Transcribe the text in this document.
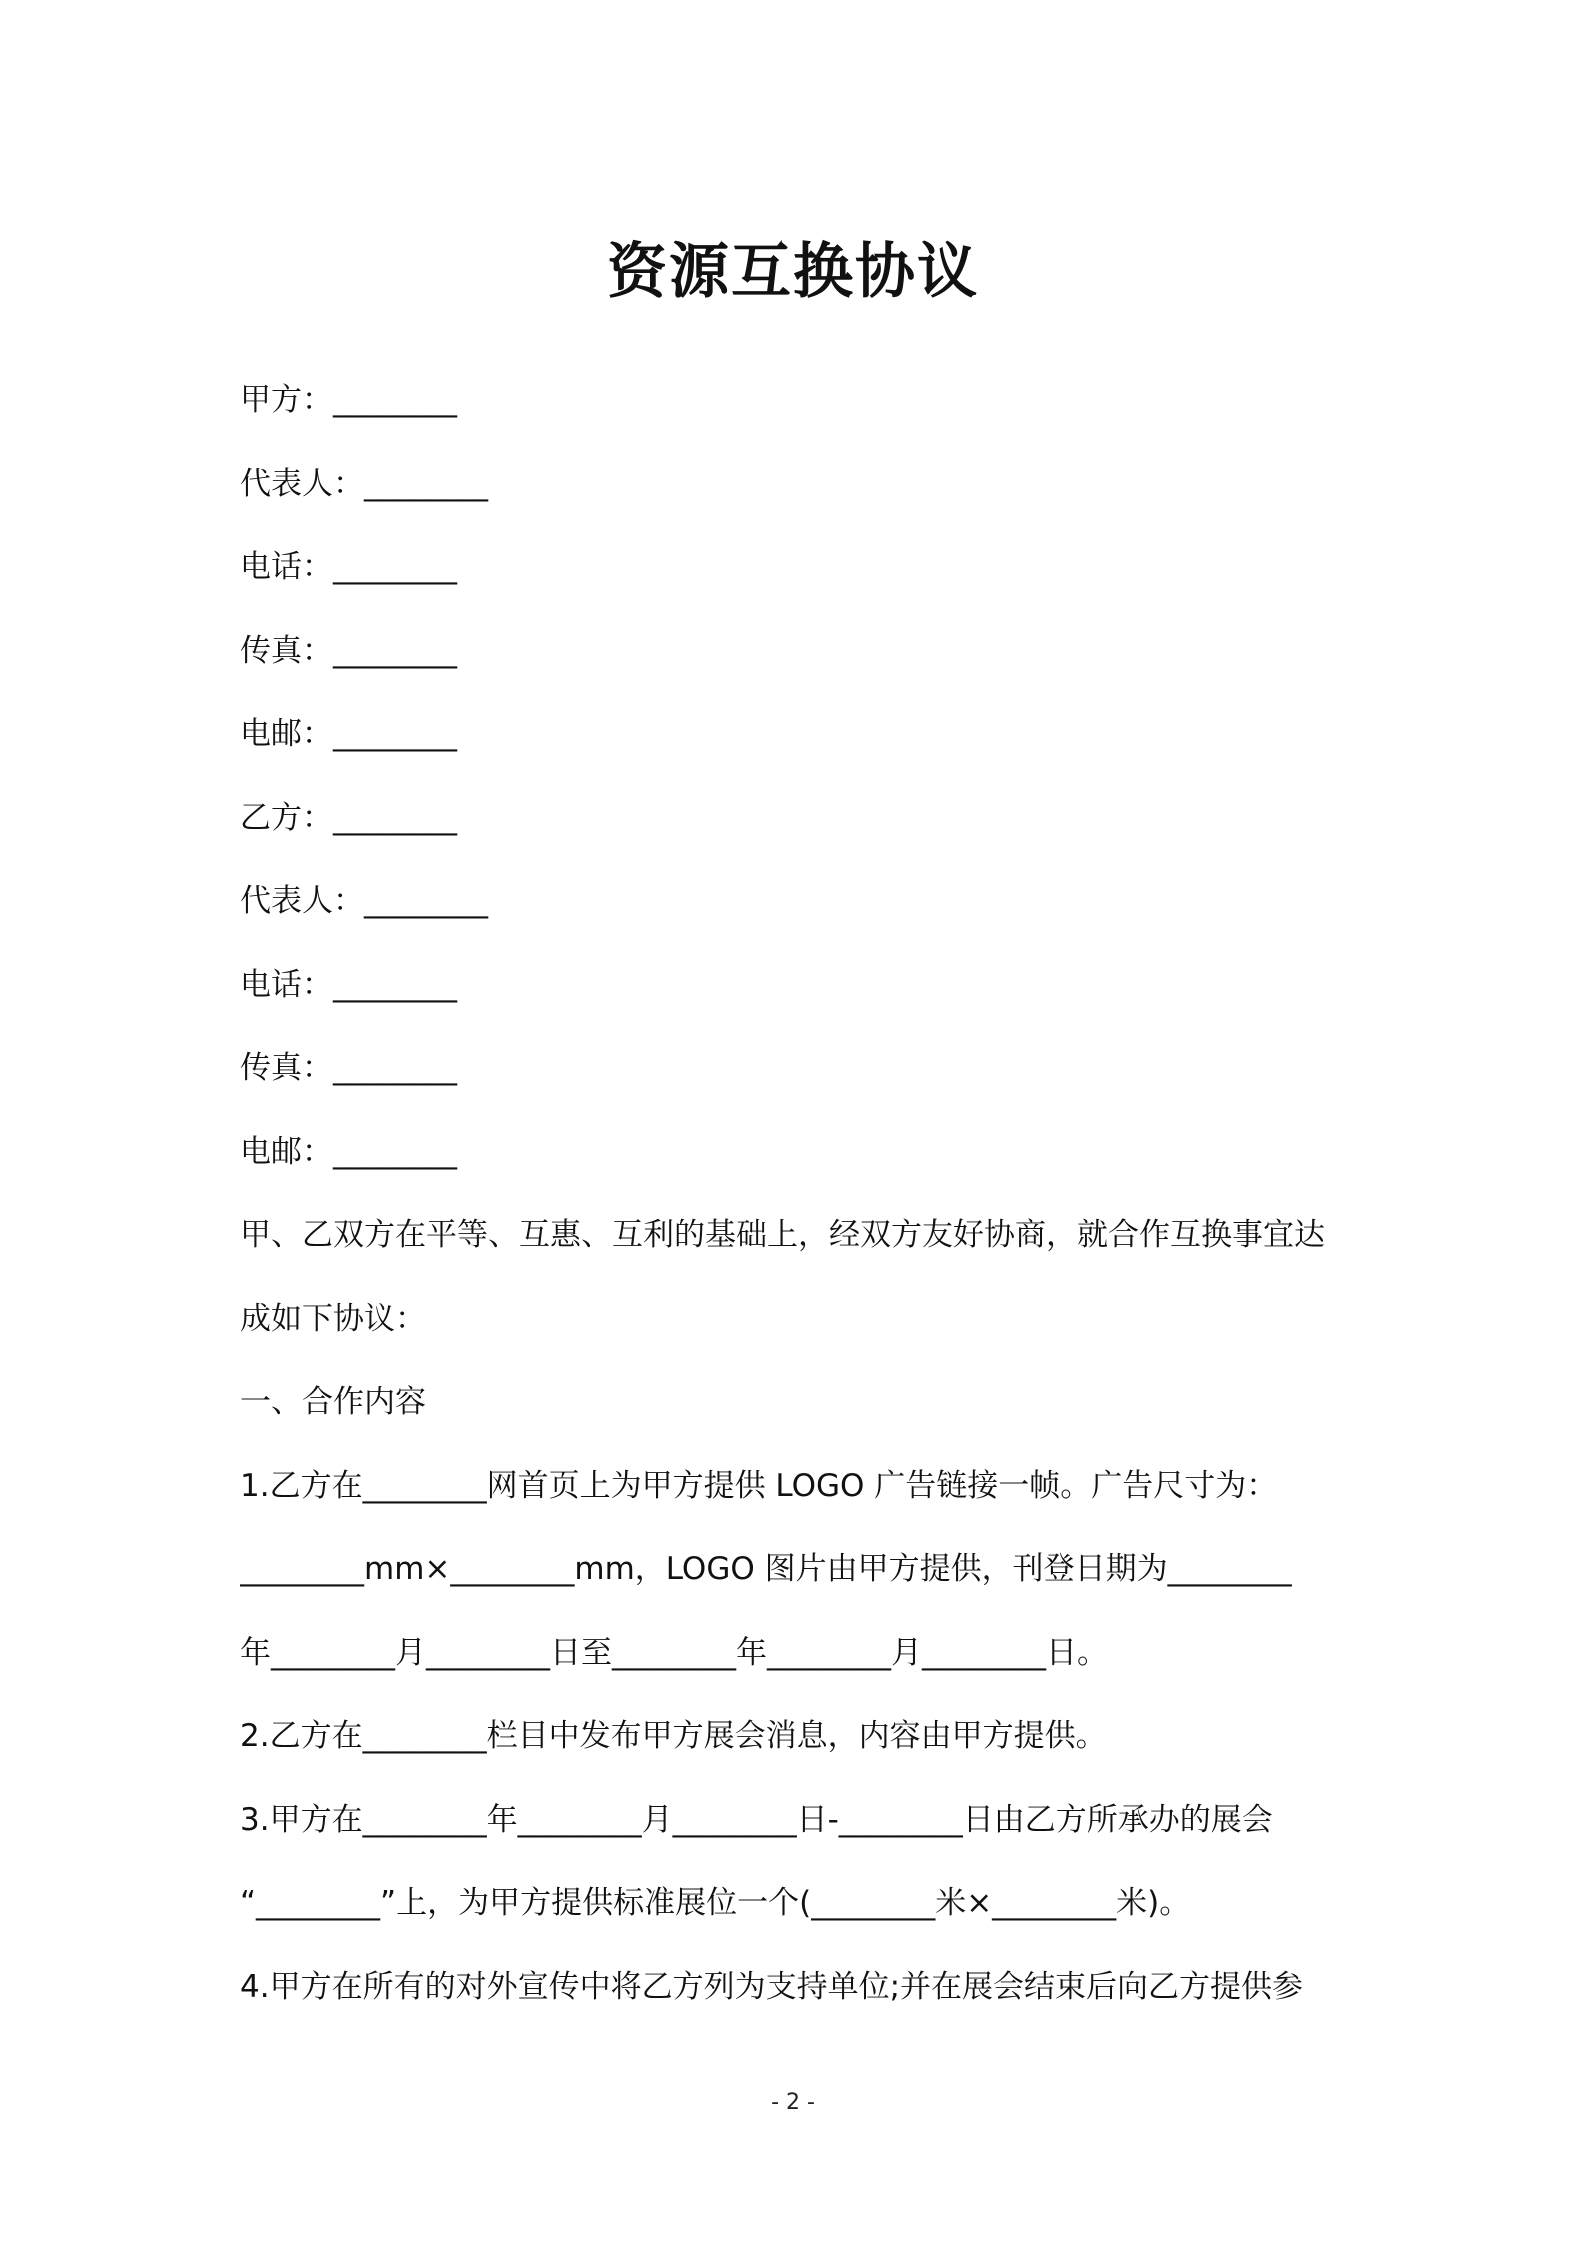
资源互换协议
甲方：________
代表人：________
电话：________
传真：________
电邮：________
乙方：________
代表人：________
电话：________
传真：________
电邮：________
甲、乙双方在平等、互惠、互利的基础上，经双方友好协商，就合作互换事宜达
成如下协议：
一、合作内容
1.乙方在________网首页上为甲方提供 LOGO 广告链接一帧。广告尺寸为：
________mm×________mm，LOGO 图片由甲方提供，刊登日期为________
年________月________日至________年________月________日。
2.乙方在________栏目中发布甲方展会消息，内容由甲方提供。
3.甲方在________年________月________日-________日由乙方所承办的展会
“________”上，为甲方提供标准展位一个(________米×________米)。
4.甲方在所有的对外宣传中将乙方列为支持单位;并在展会结束后向乙方提供参
- 2 -
